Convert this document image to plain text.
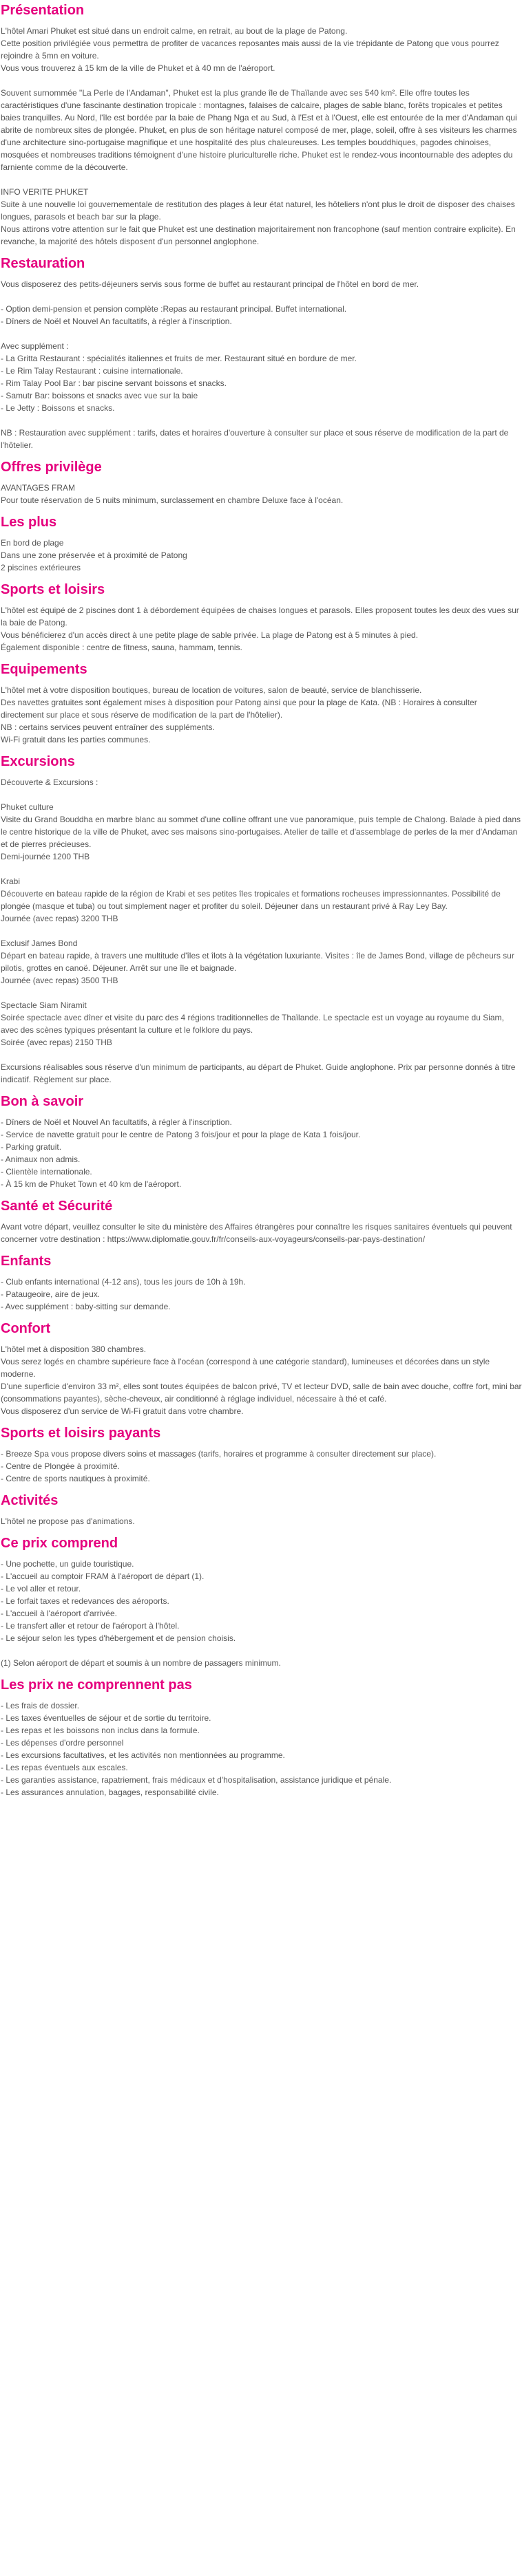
Présentation
L'hôtel Amari Phuket est situé dans un endroit calme, en retrait, au bout de la plage de Patong.
Cette position privilégiée vous permettra de profiter de vacances reposantes mais aussi de la vie trépidante de Patong que vous pourrez rejoindre à 5mn en voiture.
Vous vous trouverez à 15 km de la ville de Phuket et à 40 mn de l'aéroport.
Souvent surnommée "La Perle de l'Andaman", Phuket est la plus grande île de Thaïlande avec ses 540 km². Elle offre toutes les caractéristiques d'une fascinante destination tropicale : montagnes, falaises de calcaire, plages de sable blanc, forêts tropicales et petites baies tranquilles. Au Nord, l'île est bordée par la baie de Phang Nga et au Sud, à l'Est et à l'Ouest, elle est entourée de la mer d'Andaman qui abrite de nombreux sites de plongée. Phuket, en plus de son héritage naturel composé de mer, plage, soleil, offre à ses visiteurs les charmes d'une architecture sino-portugaise magnifique et une hospitalité des plus chaleureuses. Les temples bouddhiques, pagodes chinoises, mosquées et nombreuses traditions témoignent d'une histoire pluriculturelle riche. Phuket est le rendez-vous incontournable des adeptes du farniente comme de la découverte.
INFO VERITE PHUKET
Suite à une nouvelle loi gouvernementale de restitution des plages à leur état naturel, les hôteliers n'ont plus le droit de disposer des chaises longues, parasols et beach bar sur la plage.
Nous attirons votre attention sur le fait que Phuket est une destination majoritairement non francophone (sauf mention contraire explicite). En revanche, la majorité des hôtels disposent d'un personnel anglophone.
Restauration
Vous disposerez des petits-déjeuners servis sous forme de buffet au restaurant principal de l'hôtel en bord de mer.
- Option demi-pension et pension complète :Repas au restaurant principal. Buffet international.
- Dîners de Noël et Nouvel An facultatifs, à régler à l'inscription.
Avec supplément :
- La Gritta Restaurant : spécialités italiennes et fruits de mer. Restaurant situé en bordure de mer.
- Le Rim Talay Restaurant : cuisine internationale.
- Rim Talay Pool Bar : bar piscine servant boissons et snacks.
- Samutr Bar: boissons et snacks avec vue sur la baie
- Le Jetty : Boissons et snacks.
NB : Restauration avec supplément : tarifs, dates et horaires d'ouverture à consulter sur place et sous réserve de modification de la part de l'hôtelier.
Offres privilège
AVANTAGES FRAM
Pour toute réservation de 5 nuits minimum, surclassement en chambre Deluxe face à l'océan.
Les plus
En bord de plage
Dans une zone préservée et à proximité de Patong
2 piscines extérieures
Sports et loisirs
L'hôtel est équipé de 2 piscines dont 1 à débordement équipées de chaises longues et parasols. Elles proposent toutes les deux des vues sur la baie de Patong.
Vous bénéficierez d'un accès direct à une petite plage de sable privée. La plage de Patong est à 5 minutes à pied.
Également disponible : centre de fitness, sauna, hammam, tennis.
Equipements
L'hôtel met à votre disposition boutiques, bureau de location de voitures, salon de beauté, service de blanchisserie.
Des navettes gratuites sont également mises à disposition pour Patong ainsi que pour la plage de Kata. (NB : Horaires à consulter directement sur place et sous réserve de modification de la part de l'hôtelier).
NB : certains services peuvent entraîner des suppléments.
Wi-Fi gratuit dans les parties communes.
Excursions
Découverte & Excursions :
Phuket culture
Visite du Grand Bouddha en marbre blanc au sommet d'une colline offrant une vue panoramique, puis temple de Chalong. Balade à pied dans le centre historique de la ville de Phuket, avec ses maisons sino-portugaises. Atelier de taille et d'assemblage de perles de la mer d'Andaman et de pierres précieuses.
Demi-journée 1200 THB
Krabi
Découverte en bateau rapide de la région de Krabi et ses petites îles tropicales et formations rocheuses impressionnantes. Possibilité de plongée (masque et tuba) ou tout simplement nager et profiter du soleil. Déjeuner dans un restaurant privé à Ray Ley Bay.
Journée (avec repas) 3200 THB
Exclusif James Bond
Départ en bateau rapide, à travers une multitude d'îles et îlots à la végétation luxuriante. Visites : île de James Bond, village de pêcheurs sur pilotis, grottes en canoë. Déjeuner. Arrêt sur une île et baignade.
Journée (avec repas) 3500 THB
Spectacle Siam Niramit
Soirée spectacle avec dîner et visite du parc des 4 régions traditionnelles de Thaïlande. Le spectacle est un voyage au royaume du Siam, avec des scènes typiques présentant la culture et le folklore du pays.
Soirée (avec repas) 2150 THB
Excursions réalisables sous réserve d'un minimum de participants, au départ de Phuket. Guide anglophone. Prix par personne donnés à titre indicatif. Règlement sur place.
Bon à savoir
- Dîners de Noël et Nouvel An facultatifs, à régler à l'inscription.
- Service de navette gratuit pour le centre de Patong 3 fois/jour et pour la plage de Kata 1 fois/jour.
- Parking gratuit.
- Animaux non admis.
- Clientèle internationale.
- À 15 km de Phuket Town et 40 km de l'aéroport.
Santé et Sécurité
Avant votre départ, veuillez consulter le site du ministère des Affaires étrangères pour connaître les risques sanitaires éventuels qui peuvent concerner votre destination : https://www.diplomatie.gouv.fr/fr/conseils-aux-voyageurs/conseils-par-pays-destination/
Enfants
- Club enfants international (4-12 ans), tous les jours de 10h à 19h.
- Pataugeoire, aire de jeux.
- Avec supplément : baby-sitting sur demande.
Confort
L'hôtel met à disposition 380 chambres.
Vous serez logés en chambre supérieure face à l'océan (correspond à une catégorie standard), lumineuses et décorées dans un style moderne.
D'une superficie d'environ 33 m², elles sont toutes équipées de balcon privé, TV et lecteur DVD, salle de bain avec douche, coffre fort, mini bar (consommations payantes), sèche-cheveux, air conditionné à réglage individuel, nécessaire à thé et café.
Vous disposerez d'un service de Wi-Fi gratuit dans votre chambre.
Sports et loisirs payants
- Breeze Spa vous propose divers soins et massages (tarifs, horaires et programme à consulter directement sur place).
- Centre de Plongée à proximité.
- Centre de sports nautiques à proximité.
Activités
L'hôtel ne propose pas d'animations.
Ce prix comprend
- Une pochette, un guide touristique.
- L'accueil au comptoir FRAM à l'aéroport de départ (1).
- Le vol aller et retour.
- Le forfait taxes et redevances des aéroports.
- L'accueil à l'aéroport d'arrivée.
- Le transfert aller et retour de l'aéroport à l'hôtel.
- Le séjour selon les types d'hébergement et de pension choisis.
(1) Selon aéroport de départ et soumis à un nombre de passagers minimum.
Les prix ne comprennent pas
- Les frais de dossier.
- Les taxes éventuelles de séjour et de sortie du territoire.
- Les repas et les boissons non inclus dans la formule.
- Les dépenses d'ordre personnel
- Les excursions facultatives, et les activités non mentionnées au programme.
- Les repas éventuels aux escales.
- Les garanties assistance, rapatriement, frais médicaux et d'hospitalisation, assistance juridique et pénale.
- Les assurances annulation, bagages, responsabilité civile.
